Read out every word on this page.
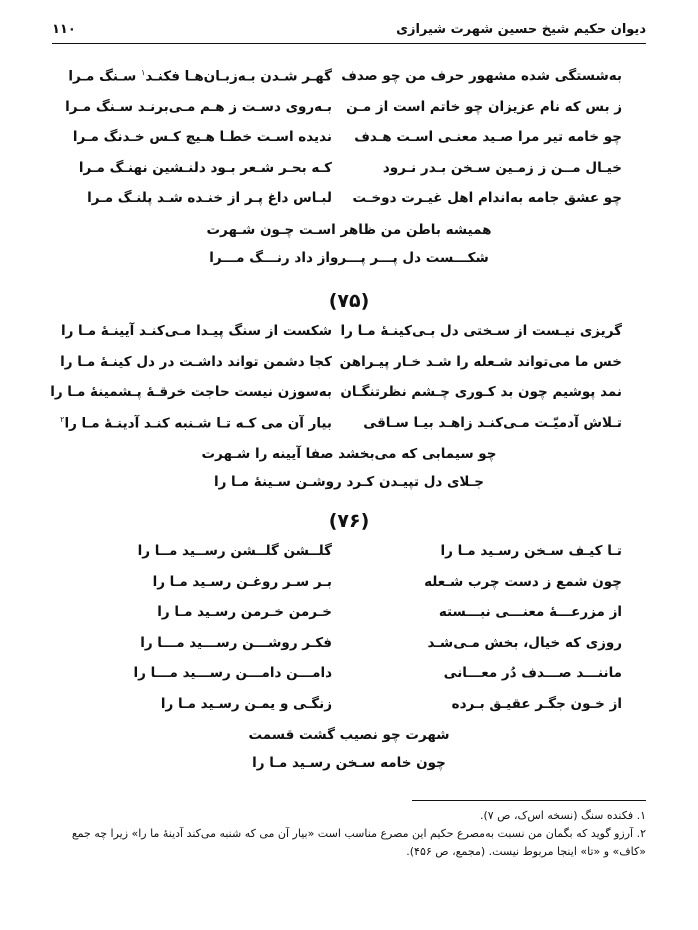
دیوان حکیم شیخ حسین شهرت شیرازی
۱۱۰
به‌شستگی شده مشهور حرف من چو صدف
گهـر شـدن بـه‌زبـان‌هـا فکنـد$^۱$ سـنگ مـرا
ز بس که نام عزیزان چو خاتم است از مـن
بـه‌روی دسـت ز هـم مـی‌برنـد سـنگ مـرا
چو خامه تیر مرا صـید معنـی اسـت هـدف
ندیده اسـت خطـا هـیچ کـس خـدنگ مـرا
خیـال مــن ز زمـین سـخن بـدر نـرود
کـه بحـر شـعر بـود دلنـشین نهنـگ مـرا
چو عشق جامه به‌اندام اهل غیـرت دوخـت
لبـاس داغ پـر از خنـده شـد پلنـگ مـرا
همیشه باطن من ظاهر اسـت چـون شـهرت
شکـــست دل پـــر پـــرواز داد رنـــگ مـــرا
(۷۵)
گریزی نیـست از سـختی دل بـی‌کینـهٔ مـا را
شکست از سنگ پیـدا مـی‌کنـد آیینـهٔ مـا را
خس ما می‌تواند شـعله را شـد خـار پیـراهن
کجا دشمن تواند داشـت در دل کینـهٔ مـا را
نمد پوشیم چون بد کـوری چـشم نظرتنگـان
به‌سوزن نیست حاجت خرقـهٔ پـشمینهٔ مـا را
تـلاش آدمیّـت مـی‌کنـد زاهـد بیـا سـاقی
بیار آن می کـه تـا شـنبه کنـد آدینـهٔ مـا را$^۲$
چو سیمابی که می‌بخشد صفا آیینه را شـهرت
جـلای دل تپیـدن کـرد روشـن سـینهٔ مـا را
(۷۶)
تـا کیـف سـخن رسـید مـا را
گلــشن گلــشن رســید مــا را
چون شمع ز دست چرب شـعله
بـر سـر روغـن رسـید مـا را
از مزرعـــهٔ معنـــی نبـــسته
خـرمن خـرمن رسـید مـا را
روزی که خیال، بخش مـی‌شـد
فکـر روشـــن رســـید مـــا را
ماننـــد صـــدف دُر معـــانی
دامـــن دامـــن رســـید مـــا را
از خـون جگـر عقیـق بـرده
زنگـی و یمـن رسـید مـا را
شهرت چو نصیب گشت قسمت
چون خامه سـخن رسـید مـا را

۱. فکنده سنگ (نسخه اس‌ک، ص ۷).

۲. آرزو گوید که بگمان من نسبت به‌مصرع حکیم این مصرع مناسب است «بیار آن می که شنبه می‌کند آدینهٔ ما را» زیرا چه جمع «کاف» و «تا» اینجا مربوط نیست. (مجمع، ص ۴۵۶).
